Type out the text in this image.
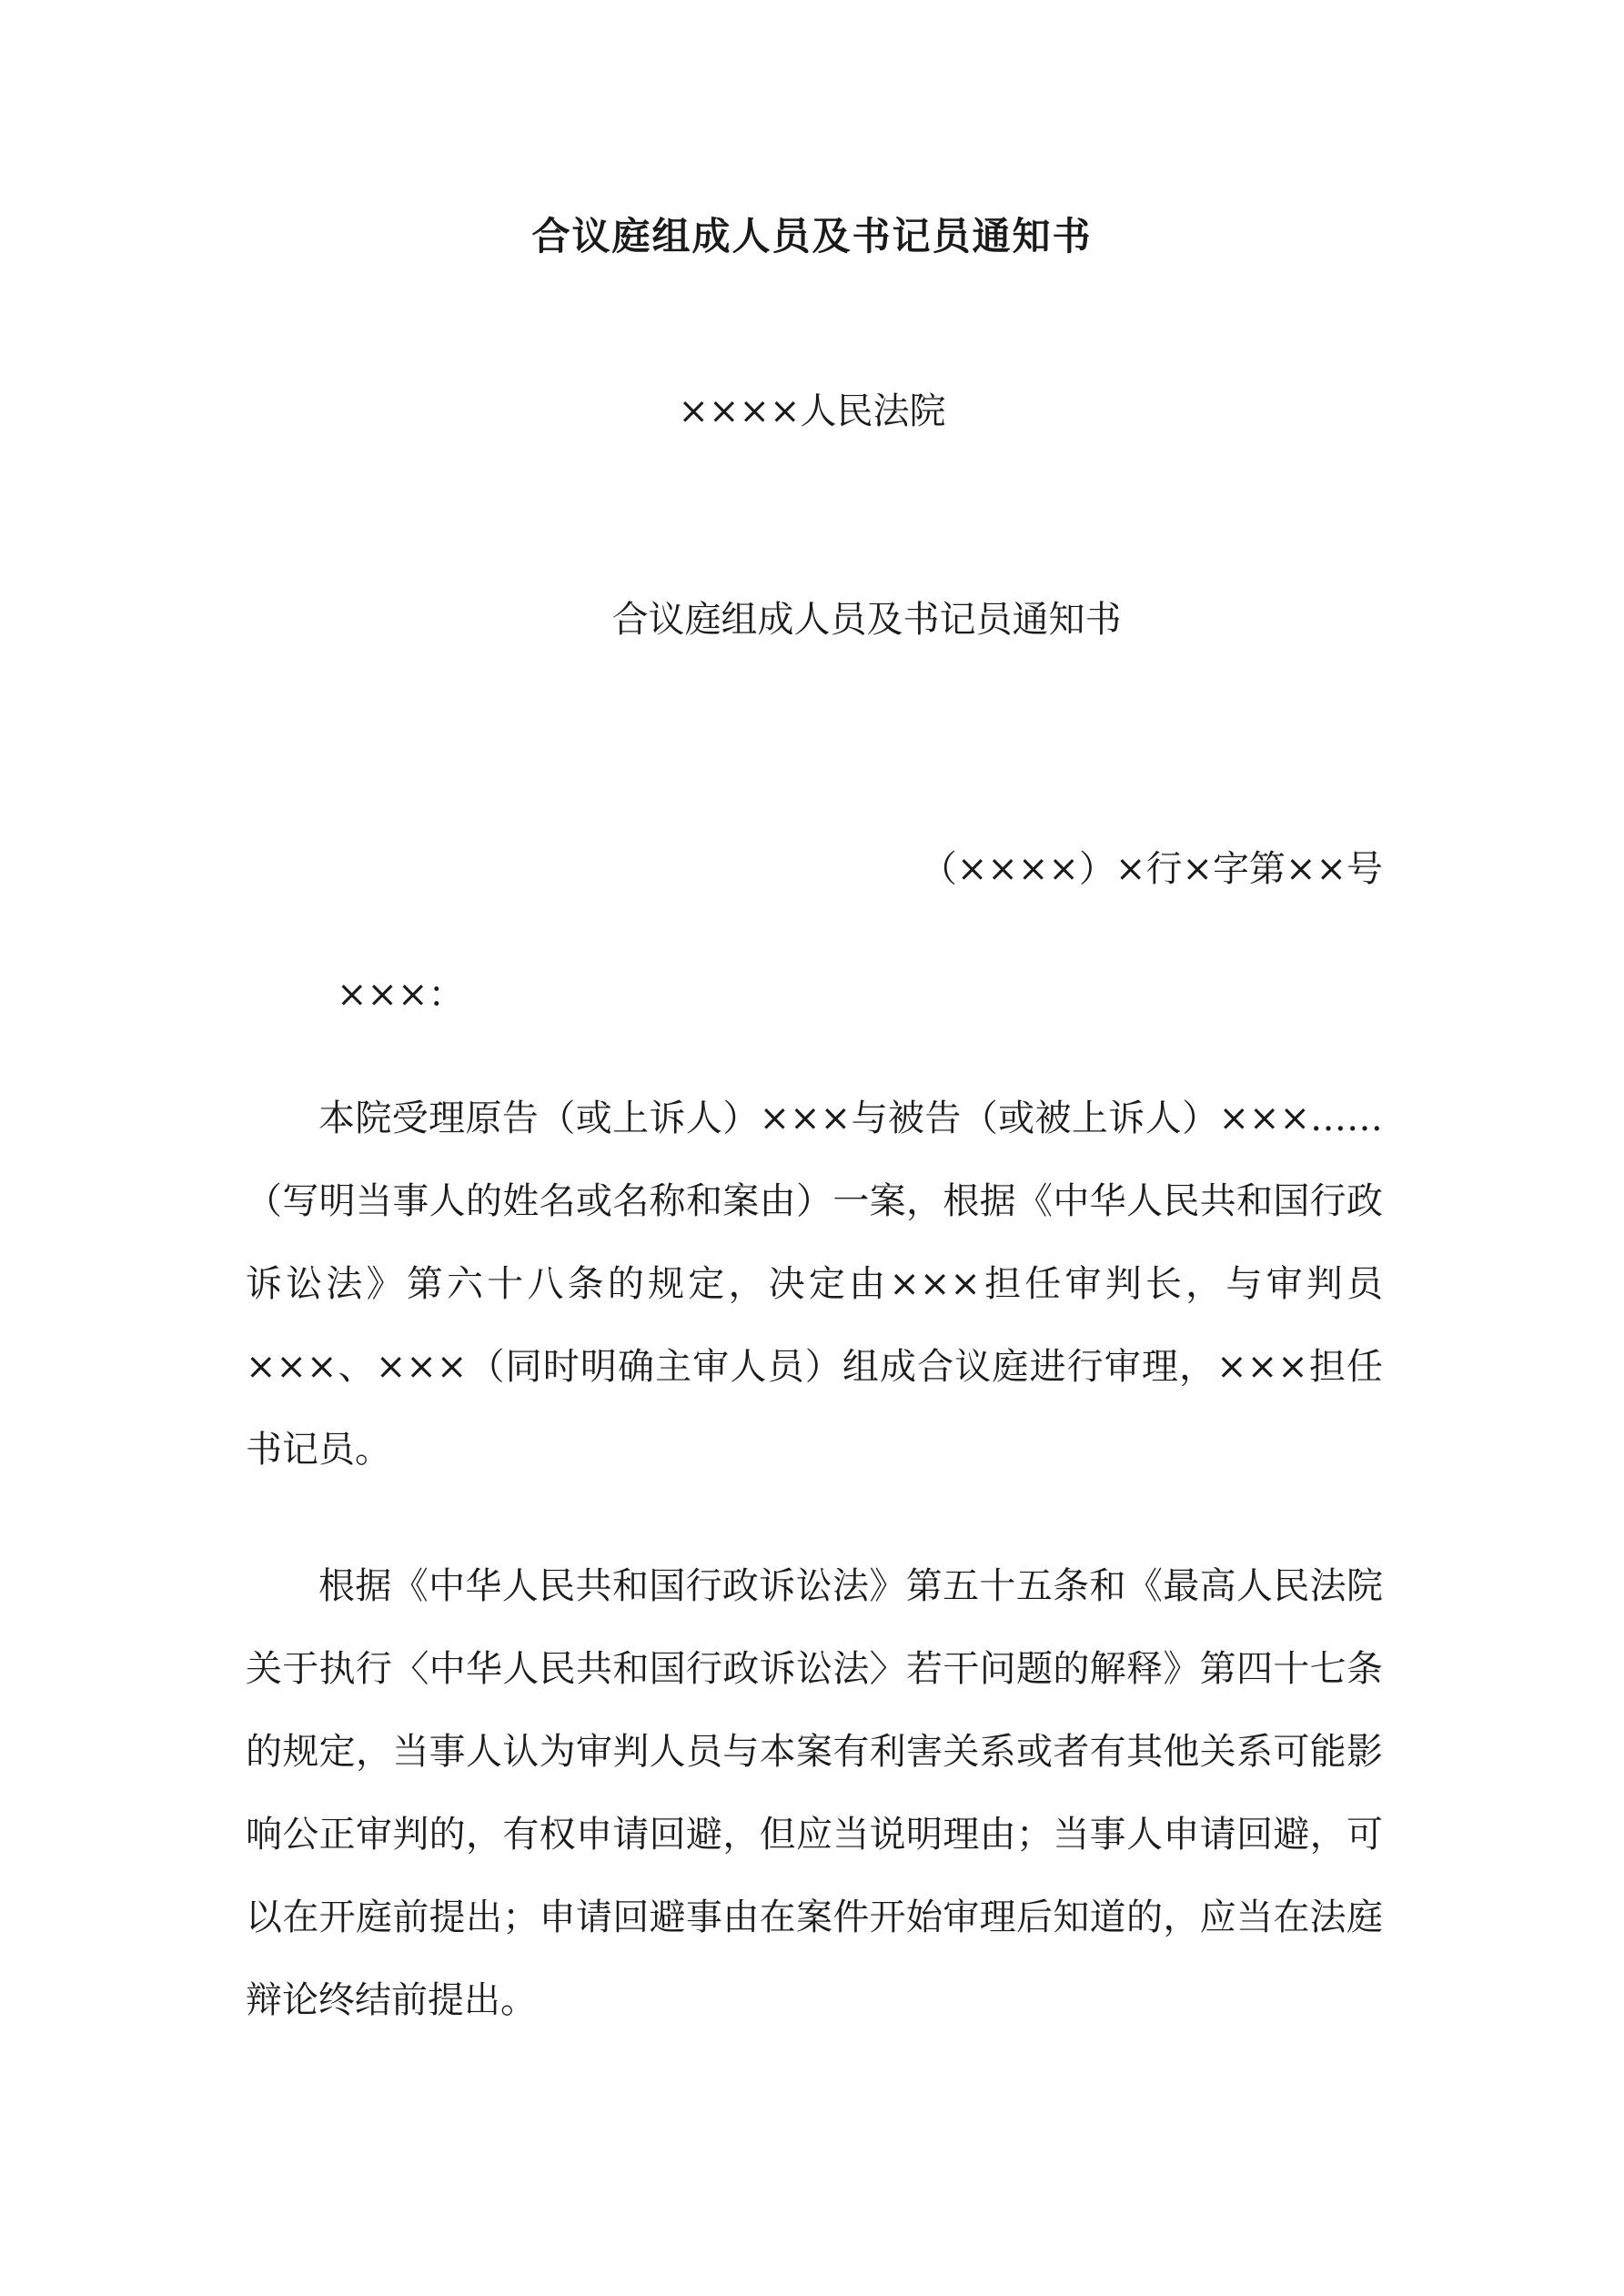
合议庭组成人员及书记员通知书
××××人民法院
合议庭组成人员及书记员通知书
（××××）×行×字第××号
×××：

本院受理原告（或上诉人）×××与被告（或被上诉人）×××……（写明当事人的姓名或名称和案由）一案，根据《中华人民共和国行政诉讼法》第六十八条的规定，决定由×××担任审判长，与审判员×××、×××（同时明确主审人员）组成合议庭进行审理，×××担任书记员。

根据《中华人民共和国行政诉讼法》第五十五条和《最高人民法院关于执行〈中华人民共和国行政诉讼法〉若干问题的解释》第四十七条的规定，当事人认为审判人员与本案有利害关系或者有其他关系可能影响公正审判的，有权申请回避，但应当说明理由；当事人申请回避，可以在开庭前提出；申请回避事由在案件开始审理后知道的，应当在法庭辩论终结前提出。
